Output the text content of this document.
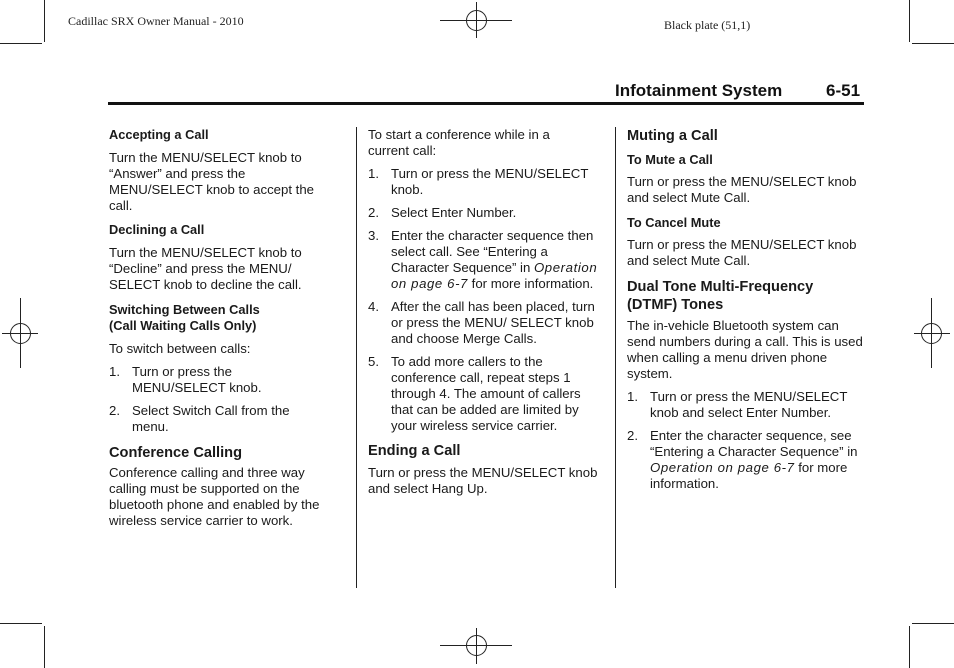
Cadillac SRX Owner Manual - 2010	Black plate (51,1)
Infotainment System	6-51

Accepting a Call

Turn the MENU/SELECT knob to “Answer” and press the MENU/SELECT knob to accept the call.

Declining a Call

Turn the MENU/SELECT knob to “Decline” and press the MENU/ SELECT knob to decline the call.

Switching Between Calls

(Call Waiting Calls Only)

To switch between calls:

1. Turn or press the MENU/SELECT knob.
2. Select Switch Call from the menu.

Conference Calling

Conference calling and three way calling must be supported on the bluetooth phone and enabled by the wireless service carrier to work.

To start a conference while in a current call:

1. Turn or press the MENU/SELECT knob.
2. Select Enter Number.
3. Enter the character sequence then select call. See “Entering a Character Sequence” in Operation on page 6-7 for more information.
4. After the call has been placed, turn or press the MENU/ SELECT knob and choose Merge Calls.
5. To add more callers to the conference call, repeat steps 1 through 4. The amount of callers that can be added are limited by your wireless service carrier.

Ending a Call

Turn or press the MENU/SELECT knob and select Hang Up.

Muting a Call

To Mute a Call

Turn or press the MENU/SELECT knob and select Mute Call.

To Cancel Mute

Turn or press the MENU/SELECT knob and select Mute Call.

Dual Tone Multi-Frequency (DTMF) Tones

The in-vehicle Bluetooth system can send numbers during a call. This is used when calling a menu driven phone system.

1. Turn or press the MENU/SELECT knob and select Enter Number.
2. Enter the character sequence, see “Entering a Character Sequence” in Operation on page 6-7 for more information.
